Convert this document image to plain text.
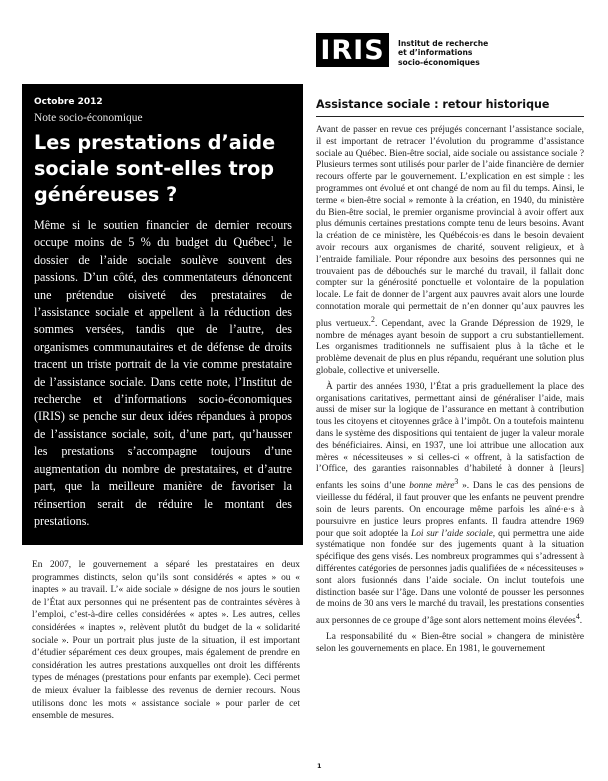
IRIS	Institut de recherche
et d’informations
socio-économiques
Octobre 2012
Note socio-économique
Les prestations d’aide sociale sont-elles trop généreuses ?

Même si le soutien financier de dernier recours occupe moins de 5 % du budget du Québec$^1$, le dossier de l’aide sociale soulève souvent des passions. D’un côté, des commentateurs dénoncent une prétendue oisiveté des prestataires de l’assistance sociale et appellent à la réduction des sommes versées, tandis que de l’autre, des organismes communautaires et de défense de droits tracent un triste portrait de la vie comme prestataire de l’assistance sociale. Dans cette note, l’Institut de recherche et d’informations socio-économiques (IRIS) se penche sur deux idées répandues à propos de l’assistance sociale, soit, d’une part, qu’hausser les prestations s’accompagne toujours d’une augmentation du nombre de prestataires, et d’autre part, que la meilleure manière de favoriser la réinsertion serait de réduire le montant des prestations.

En 2007, le gouvernement a séparé les prestataires en deux programmes distincts, selon qu’ils sont considérés « aptes » ou « inaptes » au travail. L’« aide sociale » désigne de nos jours le soutien de l’État aux personnes qui ne présentent pas de contraintes sévères à l’emploi, c’est-à-dire celles considérées « aptes ». Les autres, celles considérées « inaptes », relèvent plutôt du budget de la « solidarité sociale ». Pour un portrait plus juste de la situation, il est important d’étudier séparément ces deux groupes, mais également de prendre en considération les autres prestations auxquelles ont droit les différents types de ménages (prestations pour enfants par exemple). Ceci permet de mieux évaluer la faiblesse des revenus de dernier recours. Nous utilisons donc les mots « assistance sociale » pour parler de cet ensemble de mesures.

Assistance sociale : retour historique

Avant de passer en revue ces préjugés concernant l’assistance sociale, il est important de retracer l’évolution du programme d’assistance sociale au Québec. Bien-être social, aide sociale ou assistance sociale ? Plusieurs termes sont utilisés pour parler de l’aide financière de dernier recours offerte par le gouvernement. L’explication en est simple : les programmes ont évolué et ont changé de nom au fil du temps. Ainsi, le terme « bien-être social » remonte à la création, en 1940, du ministère du Bien-être social, le premier organisme provincial à avoir offert aux plus démunis certaines prestations compte tenu de leurs besoins. Avant la création de ce ministère, les Québécois·es dans le besoin devaient avoir recours aux organismes de charité, souvent religieux, et à l’entraide familiale. Pour répondre aux besoins des personnes qui ne trouvaient pas de débouchés sur le marché du travail, il fallait donc compter sur la générosité ponctuelle et volontaire de la population locale. Le fait de donner de l’argent aux pauvres avait alors une lourde connotation morale qui permettait de n’en donner qu’aux pauvres les plus vertueux.$^2$. Cependant, avec la Grande Dépression de 1929, le nombre de ménages ayant besoin de support a cru substantiellement. Les organismes traditionnels ne suffisaient plus à la tâche et le problème devenait de plus en plus répandu, requérant une solution plus globale, collective et universelle.

À partir des années 1930, l’État a pris graduellement la place des organisations caritatives, permettant ainsi de généraliser l’aide, mais aussi de miser sur la logique de l’assurance en mettant à contribution tous les citoyens et citoyennes grâce à l’impôt. On a toutefois maintenu dans le système des dispositions qui tentaient de juger la valeur morale des bénéficiaires. Ainsi, en 1937, une loi attribue une allocation aux mères « nécessiteuses » si celles-ci « offrent, à la satisfaction de l’Office, des garanties raisonnables d’habileté à donner à [leurs] enfants les soins d’une bonne mère$^3$ ». Dans le cas des pensions de vieillesse du fédéral, il faut prouver que les enfants ne peuvent prendre soin de leurs parents. On encourage même parfois les aîné·e·s à poursuivre en justice leurs propres enfants. Il faudra attendre 1969 pour que soit adoptée la Loi sur l’aide sociale, qui permettra une aide systématique non fondée sur des jugements quant à la situation spécifique des gens visés. Les nombreux programmes qui s’adressent à différentes catégories de personnes jadis qualifiées de « nécessiteuses » sont alors fusionnés dans l’aide sociale. On inclut toutefois une distinction basée sur l’âge. Dans une volonté de pousser les personnes de moins de 30 ans vers le marché du travail, les prestations consenties aux personnes de ce groupe d’âge sont alors nettement moins élevées$^4$.

La responsabilité du « Bien-être social » changera de ministère selon les gouvernements en place. En 1981, le gouvernement

1
